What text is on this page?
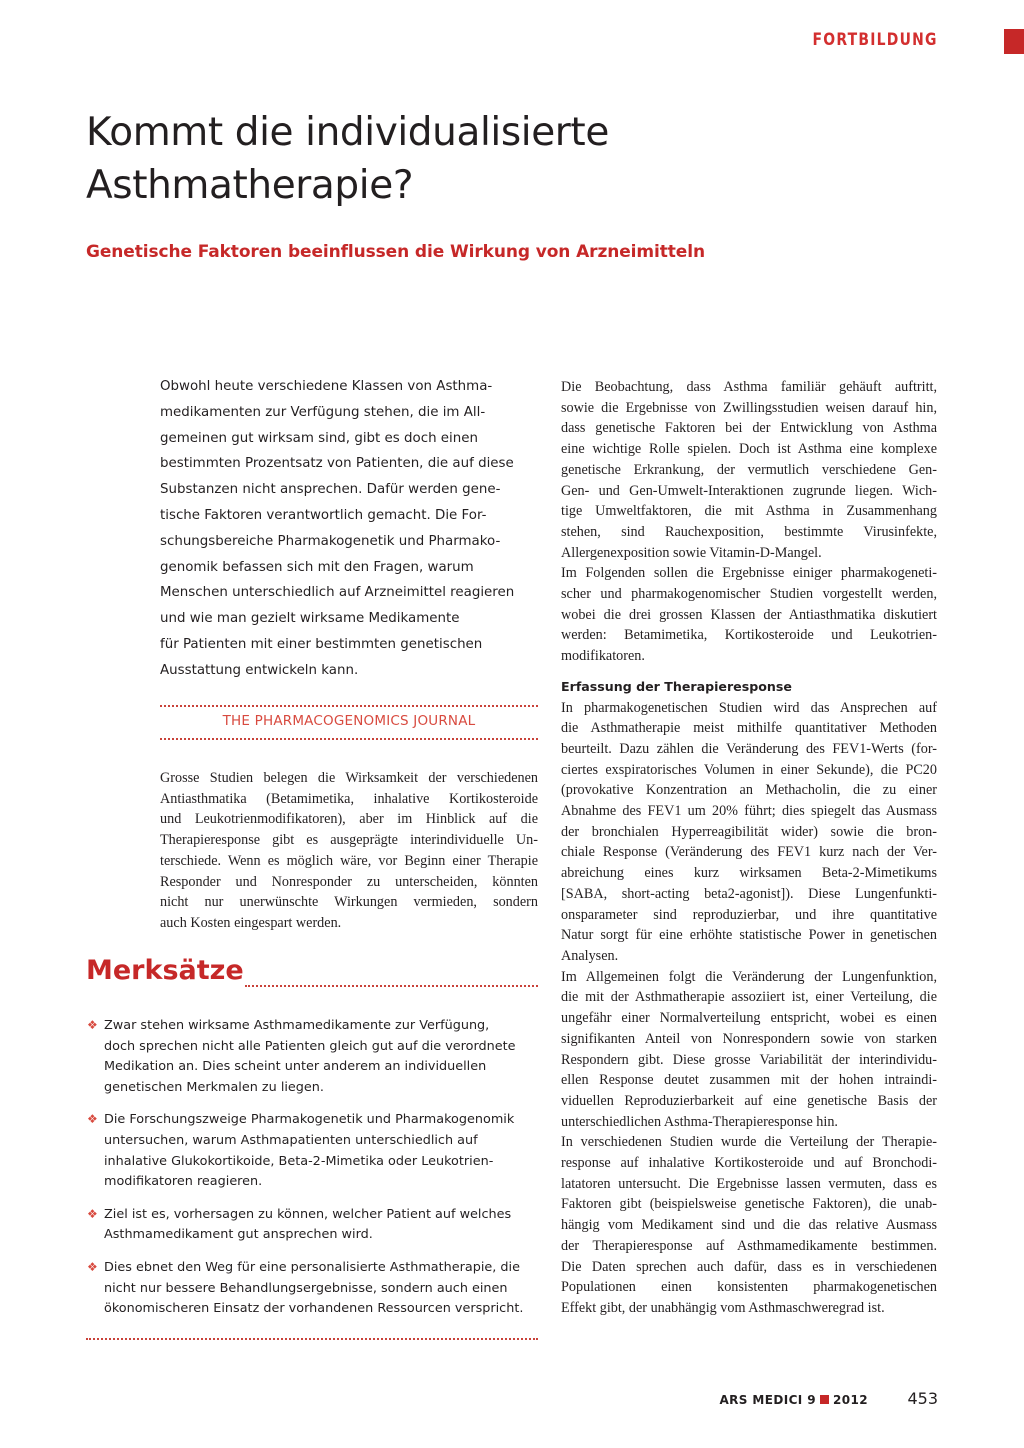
FORTBILDUNG
Kommt die individualisierte Asthmatherapie?
Genetische Faktoren beeinflussen die Wirkung von Arzneimitteln

Obwohl heute verschiedene Klassen von Asthma-
medikamenten zur Verfügung stehen, die im All-
gemeinen gut wirksam sind, gibt es doch einen
bestimmten Prozentsatz von Patienten, die auf diese
Substanzen nicht ansprechen. Dafür werden gene-
tische Faktoren verantwortlich gemacht. Die For-
schungsbereiche Pharmakogenetik und Pharmako-
genomik befassen sich mit den Fragen, warum
Menschen unterschiedlich auf Arzneimittel reagieren
und wie man gezielt wirksame Medikamente
für Patienten mit einer bestimmten genetischen
Ausstattung entwickeln kann.

THE PHARMACOGENOMICS JOURNAL

Grosse Studien belegen die Wirksamkeit der verschiedenen
Antiasthmatika (Betamimetika, inhalative Kortikosteroide
und Leukotrienmodifikatoren), aber im Hinblick auf die
Therapieresponse gibt es ausgeprägte interindividuelle Un-
terschiede. Wenn es möglich wäre, vor Beginn einer Therapie
Responder und Nonresponder zu unterscheiden, könnten
nicht nur unerwünschte Wirkungen vermieden, sondern
auch Kosten eingespart werden.

Merksätze
❖ Zwar stehen wirksame Asthmamedikamente zur Verfügung,
doch sprechen nicht alle Patienten gleich gut auf die verordnete
Medikation an. Dies scheint unter anderem an individuellen
genetischen Merkmalen zu liegen.
❖ Die Forschungszweige Pharmakogenetik und Pharmakogenomik
untersuchen, warum Asthmapatienten unterschiedlich auf
inhalative Glukokortikoide, Beta-2-Mimetika oder Leukotrien-
modifikatoren reagieren.
❖ Ziel ist es, vorhersagen zu können, welcher Patient auf welches
Asthmamedikament gut ansprechen wird.
❖ Dies ebnet den Weg für eine personalisierte Asthmatherapie, die
nicht nur bessere Behandlungsergebnisse, sondern auch einen
ökonomischeren Einsatz der vorhandenen Ressourcen verspricht.
Die Beobachtung, dass Asthma familiär gehäuft auftritt,
sowie die Ergebnisse von Zwillingsstudien weisen darauf hin,
dass genetische Faktoren bei der Entwicklung von Asthma
eine wichtige Rolle spielen. Doch ist Asthma eine komplexe
genetische Erkrankung, der vermutlich verschiedene Gen-
Gen- und Gen-Umwelt-Interaktionen zugrunde liegen. Wich-
tige Umweltfaktoren, die mit Asthma in Zusammenhang
stehen, sind Rauchexposition, bestimmte Virusinfekte,
Allergenexposition sowie Vitamin-D-Mangel.
Im Folgenden sollen die Ergebnisse einiger pharmakogeneti-
scher und pharmakogenomischer Studien vorgestellt werden,
wobei die drei grossen Klassen der Antiasthmatika diskutiert
werden: Betamimetika, Kortikosteroide und Leukotrien-
modifikatoren.
Erfassung der Therapieresponse
In pharmakogenetischen Studien wird das Ansprechen auf
die Asthmatherapie meist mithilfe quantitativer Methoden
beurteilt. Dazu zählen die Veränderung des FEV1-Werts (for-
ciertes exspiratorisches Volumen in einer Sekunde), die PC20
(provokative Konzentration an Methacholin, die zu einer
Abnahme des FEV1 um 20% führt; dies spiegelt das Ausmass
der bronchialen Hyperreagibilität wider) sowie die bron-
chiale Response (Veränderung des FEV1 kurz nach der Ver-
abreichung eines kurz wirksamen Beta-2-Mimetikums
[SABA, short-acting beta2-agonist]). Diese Lungenfunkti-
onsparameter sind reproduzierbar, und ihre quantitative
Natur sorgt für eine erhöhte statistische Power in genetischen
Analysen.
Im Allgemeinen folgt die Veränderung der Lungenfunktion,
die mit der Asthmatherapie assoziiert ist, einer Verteilung, die
ungefähr einer Normalverteilung entspricht, wobei es einen
signifikanten Anteil von Nonrespondern sowie von starken
Respondern gibt. Diese grosse Variabilität der interindividu-
ellen Response deutet zusammen mit der hohen intraindi-
viduellen Reproduzierbarkeit auf eine genetische Basis der
unterschiedlichen Asthma-Therapieresponse hin.
In verschiedenen Studien wurde die Verteilung der Therapie-
response auf inhalative Kortikosteroide und auf Bronchodi-
latatoren untersucht. Die Ergebnisse lassen vermuten, dass es
Faktoren gibt (beispielsweise genetische Faktoren), die unab-
hängig vom Medikament sind und die das relative Ausmass
der Therapieresponse auf Asthmamedikamente bestimmen.
Die Daten sprechen auch dafür, dass es in verschiedenen
Populationen einen konsistenten pharmakogenetischen
Effekt gibt, der unabhängig vom Asthmaschweregrad ist.
ARS MEDICI 9 2012 453
